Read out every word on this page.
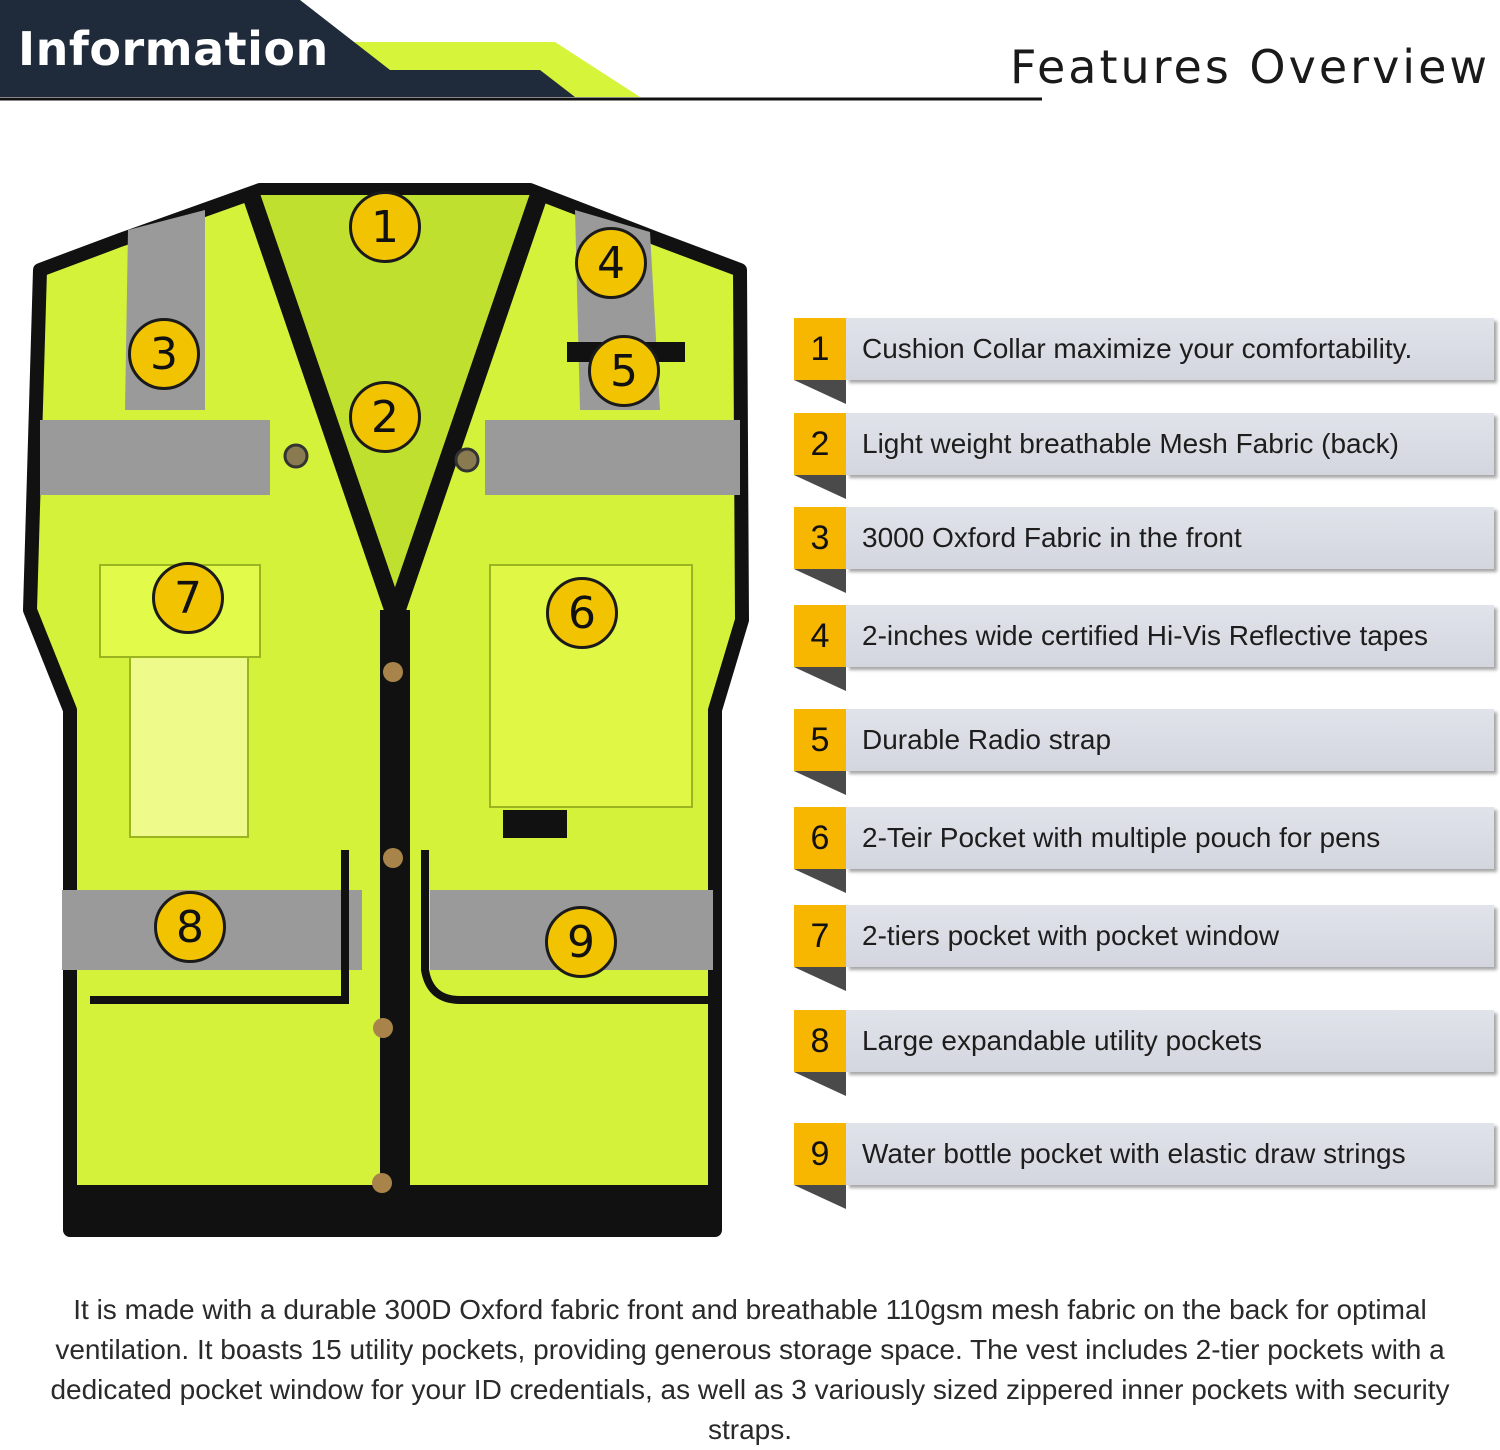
Information	Features Overview
1
2
3
4
5
6
7
8	9
1	Cushion Collar maximize your comfortability.
2	Light weight breathable Mesh Fabric (back)
3	3000 Oxford Fabric in the front
4	2-inches wide certified Hi-Vis Reflective tapes
5	Durable Radio strap
6	2-Teir Pocket with multiple pouch for pens
7	2-tiers pocket with pocket window
8	Large expandable utility pockets
9	Water bottle pocket with elastic draw strings
It is made with a durable 300D Oxford fabric front and breathable 110gsm mesh fabric on the back for optimal ventilation. It boasts 15 utility pockets, providing generous storage space. The vest includes 2-tier pockets with a dedicated pocket window for your ID credentials, as well as 3 variously sized zippered inner pockets with security straps.
